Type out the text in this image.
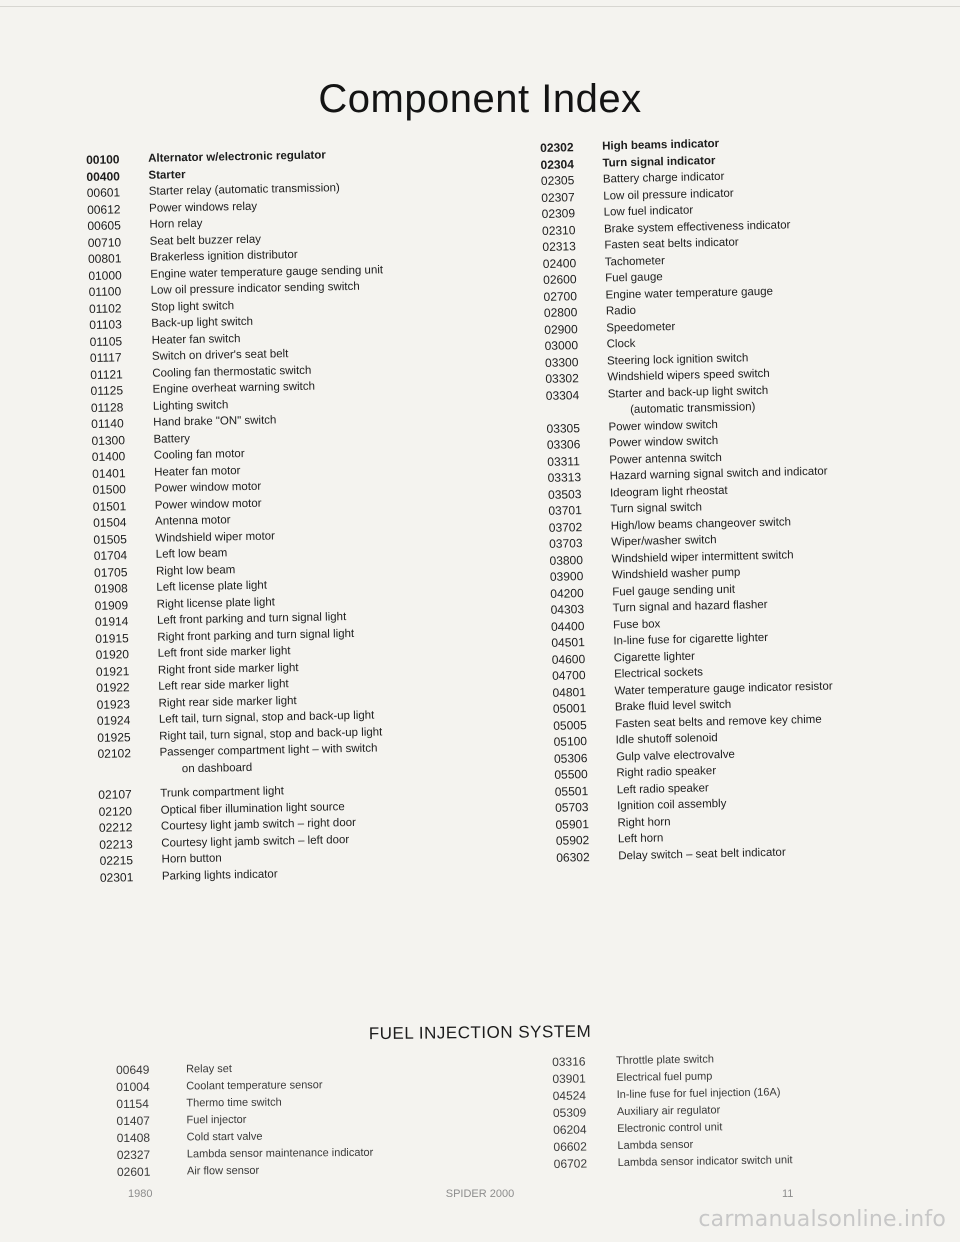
Component Index
00100	Alternator w/electronic regulator
00400	Starter
00601	Starter relay (automatic transmission)
00612	Power windows relay
00605	Horn relay
00710	Seat belt buzzer relay
00801	Brakerless ignition distributor
01000	Engine water temperature gauge sending unit
01100	Low oil pressure indicator sending switch
01102	Stop light switch
01103	Back-up light switch
01105	Heater fan switch
01117	Switch on driver's seat belt
01121	Cooling fan thermostatic switch
01125	Engine overheat warning switch
01128	Lighting switch
01140	Hand brake "ON" switch
01300	Battery
01400	Cooling fan motor
01401	Heater fan motor
01500	Power window motor
01501	Power window motor
01504	Antenna motor
01505	Windshield wiper motor
01704	Left low beam
01705	Right low beam
01908	Left license plate light
01909	Right license plate light
01914	Left front parking and turn signal light
01915	Right front parking and turn signal light
01920	Left front side marker light
01921	Right front side marker light
01922	Left rear side marker light
01923	Right rear side marker light
01924	Left tail, turn signal, stop and back-up light
01925	Right tail, turn signal, stop and back-up light
02102	Passenger compartment light – with switch
on dashboard
02107	Trunk compartment light
02120	Optical fiber illumination light source
02212	Courtesy light jamb switch – right door
02213	Courtesy light jamb switch – left door
02215	Horn button
02301	Parking lights indicator
02302	High beams indicator
02304	Turn signal indicator
02305	Battery charge indicator
02307	Low oil pressure indicator
02309	Low fuel indicator
02310	Brake system effectiveness indicator
02313	Fasten seat belts indicator
02400	Tachometer
02600	Fuel gauge
02700	Engine water temperature gauge
02800	Radio
02900	Speedometer
03000	Clock
03300	Steering lock ignition switch
03302	Windshield wipers speed switch
03304	Starter and back-up light switch
(automatic transmission)
03305	Power window switch
03306	Power window switch
03311	Power antenna switch
03313	Hazard warning signal switch and indicator
03503	Ideogram light rheostat
03701	Turn signal switch
03702	High/low beams changeover switch
03703	Wiper/washer switch
03800	Windshield wiper intermittent switch
03900	Windshield washer pump
04200	Fuel gauge sending unit
04303	Turn signal and hazard flasher
04400	Fuse box
04501	In-line fuse for cigarette lighter
04600	Cigarette lighter
04700	Electrical sockets
04801	Water temperature gauge indicator resistor
05001	Brake fluid level switch
05005	Fasten seat belts and remove key chime
05100	Idle shutoff solenoid
05306	Gulp valve electrovalve
05500	Right radio speaker
05501	Left radio speaker
05703	Ignition coil assembly
05901	Right horn
05902	Left horn
06302	Delay switch – seat belt indicator
FUEL INJECTION SYSTEM
00649	Relay set
01004	Coolant temperature sensor
01154	Thermo time switch
01407	Fuel injector
01408	Cold start valve
02327	Lambda sensor maintenance indicator
02601	Air flow sensor
03316	Throttle plate switch
03901	Electrical fuel pump
04524	In-line fuse for fuel injection (16A)
05309	Auxiliary air regulator
06204	Electronic control unit
06602	Lambda sensor
06702	Lambda sensor indicator switch unit
1980	SPIDER 2000	11
carmanualsonline.info
